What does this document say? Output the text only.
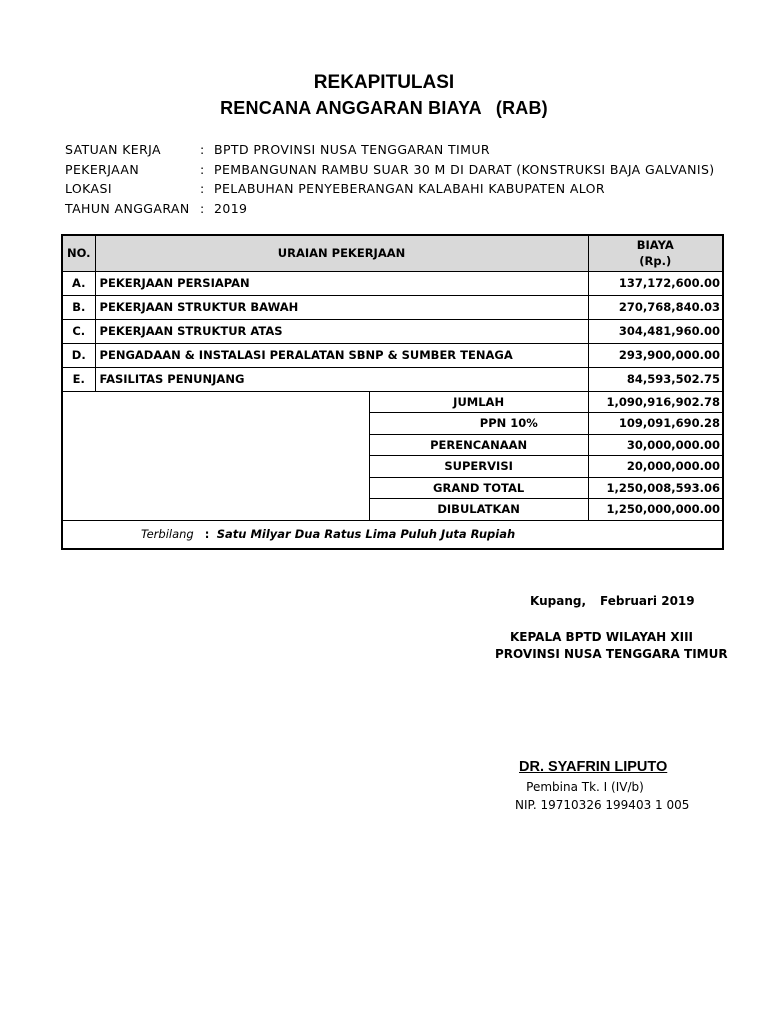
REKAPITULASI
RENCANA ANGGARAN BIAYA (RAB)
SATUAN KERJA	: BPTD PROVINSI NUSA TENGGARAN TIMUR
PEKERJAAN	: PEMBANGUNAN RAMBU SUAR 30 M DI DARAT (KONSTRUKSI BAJA GALVANIS)
LOKASI	: PELABUHAN PENYEBERANGAN KALABAHI KABUPATEN ALOR
TAHUN ANGGARAN : 2019
NO.	URAIAN PEKERJAAN		BIAYA
(Rp.)

A.	PEKERJAAN PERSIAPAN		137,172,600.00
B.	PEKERJAAN STRUKTUR BAWAH		270,768,840.03
C.	PEKERJAAN STRUKTUR ATAS		304,481,960.00
D.	PENGADAAN & INSTALASI PERALATAN SBNP & SUMBER TENAGA		293,900,000.00
E.	FASILITAS PENUNJANG		84,593,502.75
		JUMLAH	1,090,916,902.78
		PPN 10%	109,091,690.28
		PERENCANAAN	30,000,000.00
		SUPERVISI	20,000,000.00
		GRAND TOTAL	1,250,008,593.06
		DIBULATKAN	1,250,000,000.00
Terbilang : Satu Milyar Dua Ratus Lima Puluh Juta Rupiah			
Kupang, Februari 2019
KEPALA BPTD WILAYAH XIII
PROVINSI NUSA TENGGARA TIMUR
DR. SYAFRIN LIPUTO
Pembina Tk. I (IV/b)
NIP. 19710326 199403 1 005
